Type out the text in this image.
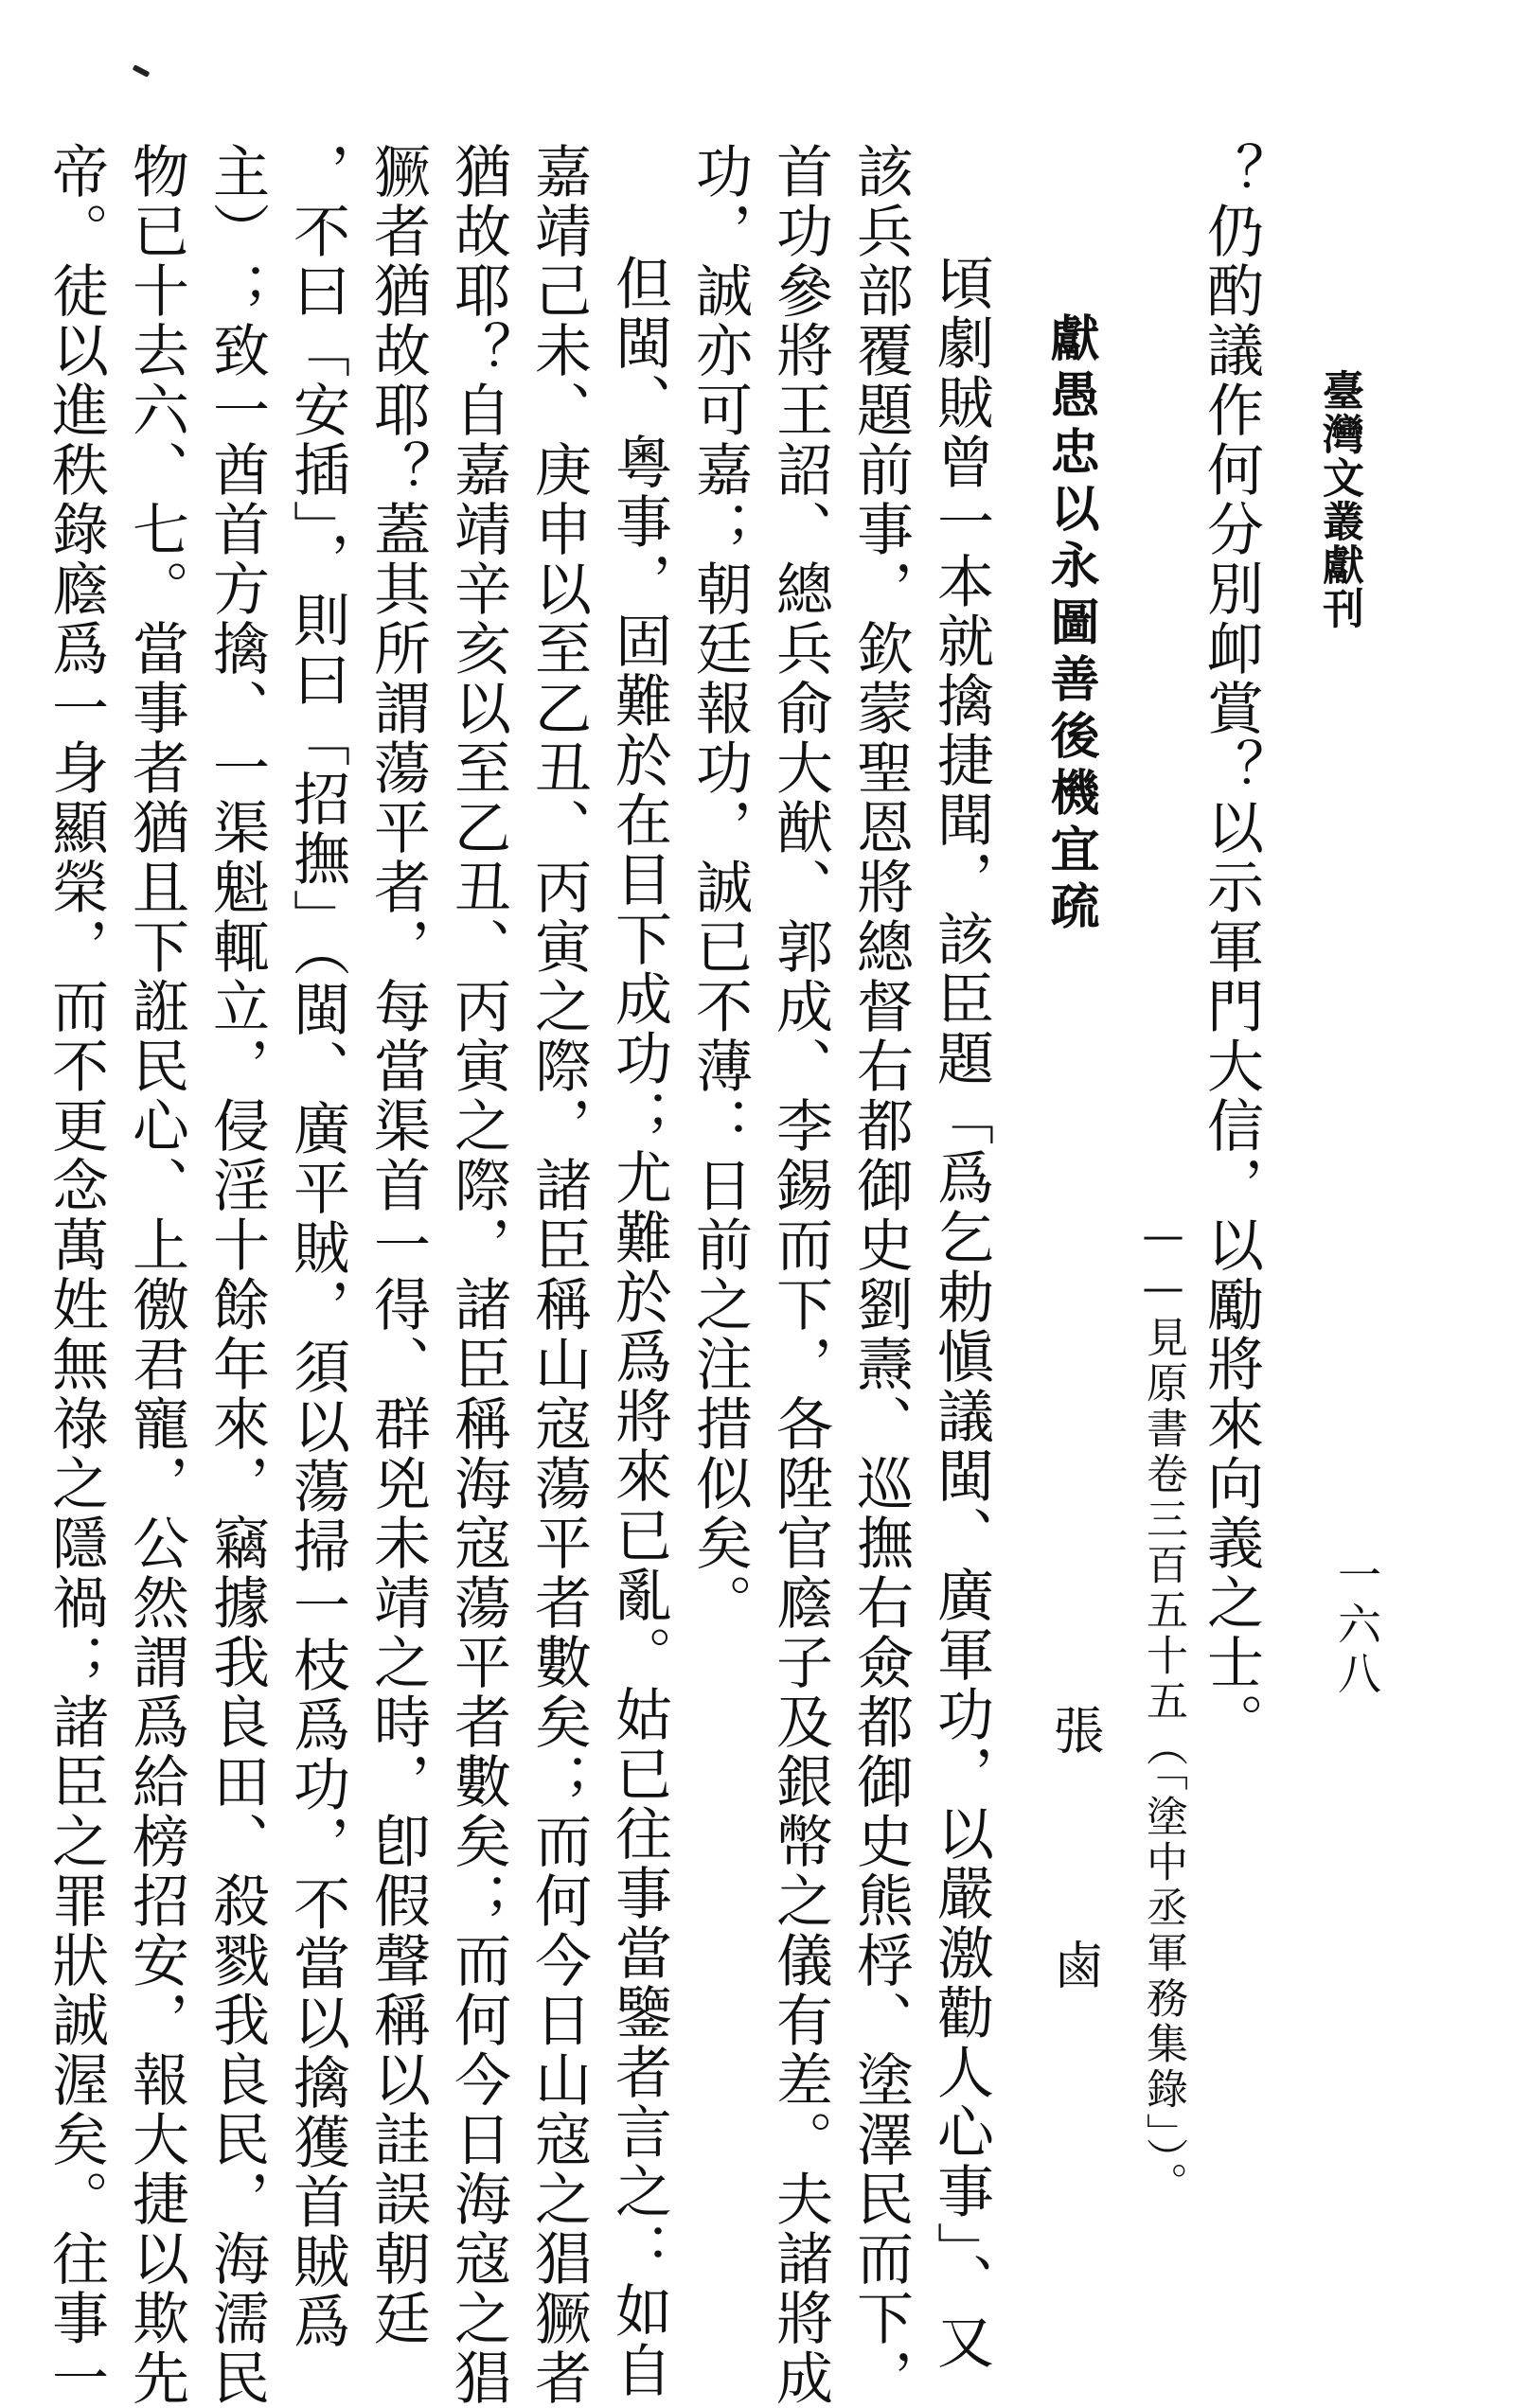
臺灣文叢獻刊
一六八
？仍酌議作何分別卹賞？以示軍門大信，以勵將來向義之士。
——見原書卷三百五十五（「塗中丞軍務集錄」）。
獻愚忠以永圖善後機宜疏
張　鹵
頃劇賊曾一本就擒捷聞，該臣題「爲乞勅愼議閩、廣軍功，以嚴激勸人心事」、又
該兵部覆題前事，欽蒙聖恩將總督右都御史劉燾、巡撫右僉都御史熊桴、塗澤民而下，
首功參將王詔、總兵俞大猷、郭成、李錫而下，各陞官廕子及銀幣之儀有差。夫諸將成
功，誠亦可嘉；朝廷報功，誠已不薄：日前之注措似矣。
但閩、粵事，固難於在目下成功；尤難於爲將來已亂。姑已往事當鑒者言之：如自
嘉靖己未、庚申以至乙丑、丙寅之際，諸臣稱山寇蕩平者數矣；而何今日山寇之猖獗者
猶故耶？自嘉靖辛亥以至乙丑、丙寅之際，諸臣稱海寇蕩平者數矣；而何今日海寇之猖
獗者猶故耶？蓋其所謂蕩平者，每當渠首一得、群兇未靖之時，卽假聲稱以詿誤朝廷
，不曰「安插」，則曰「招撫」（閩、廣平賊，須以蕩掃一枝爲功，不當以擒獲首賊爲
主）；致一酋首方擒、一渠魁輒立，侵淫十餘年來，竊據我良田、殺戮我良民，海濡民
物已十去六、七。當事者猶且下誑民心、上徼君寵，公然謂爲給榜招安，報大捷以欺先
帝。徒以進秩錄廕爲一身顯榮，而不更念萬姓無祿之隱禍；諸臣之罪狀誠渥矣。往事一
